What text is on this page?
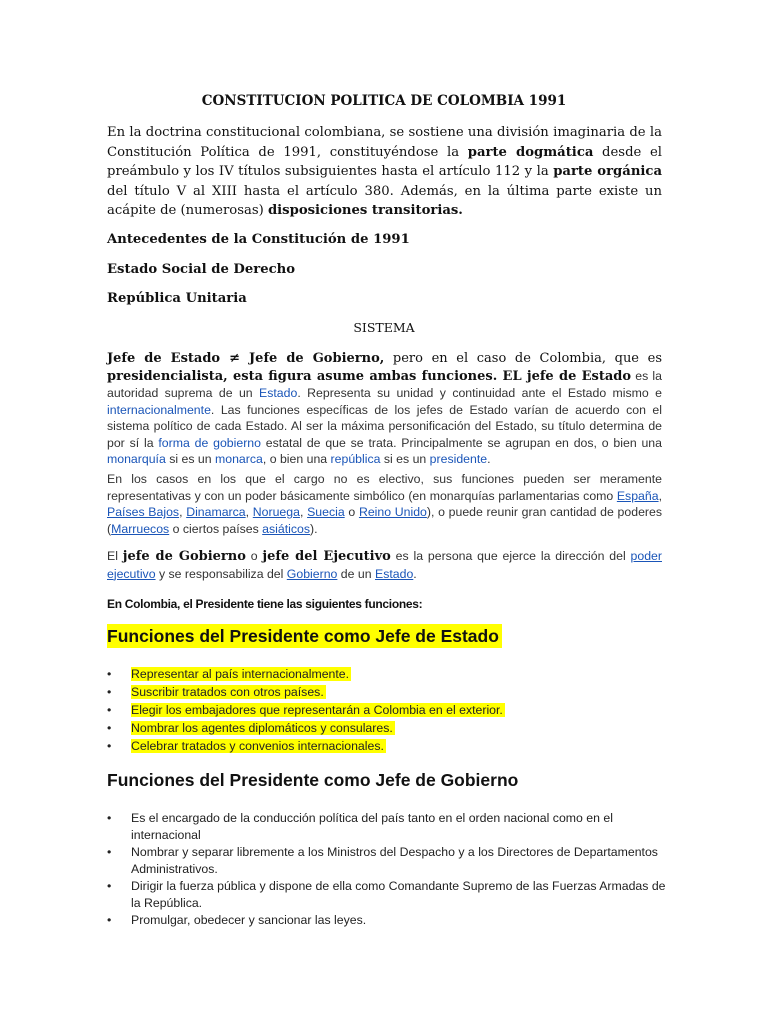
CONSTITUCION POLITICA DE COLOMBIA 1991
En la doctrina constitucional colombiana, se sostiene una división imaginaria de la Constitución Política de 1991, constituyéndose la parte dogmática desde el preámbulo y los IV títulos subsiguientes hasta el artículo 112 y la parte orgánica del título V al XIII hasta el artículo 380. Además, en la última parte existe un acápite de (numerosas) disposiciones transitorias.
Antecedentes de la Constitución de 1991
Estado Social de Derecho
República Unitaria
SISTEMA
Jefe de Estado ≠ Jefe de Gobierno, pero en el caso de Colombia, que es presidencialista, esta figura asume ambas funciones. EL jefe de Estado es la autoridad suprema de un Estado. Representa su unidad y continuidad ante el Estado mismo e internacionalmente. Las funciones específicas de los jefes de Estado varían de acuerdo con el sistema político de cada Estado. Al ser la máxima personificación del Estado, su título determina de por sí la forma de gobierno estatal de que se trata. Principalmente se agrupan en dos, o bien una monarquía si es un monarca, o bien una república si es un presidente.
En los casos en los que el cargo no es electivo, sus funciones pueden ser meramente representativas y con un poder básicamente simbólico (en monarquías parlamentarias como España, Países Bajos, Dinamarca, Noruega, Suecia o Reino Unido), o puede reunir gran cantidad de poderes (Marruecos o ciertos países asiáticos).
El jefe de Gobierno o jefe del Ejecutivo es la persona que ejerce la dirección del poder ejecutivo y se responsabiliza del Gobierno de un Estado.
En Colombia, el Presidente tiene las siguientes funciones:
Funciones del Presidente como Jefe de Estado
• Representar al país internacionalmente.
• Suscribir tratados con otros países.
• Elegir los embajadores que representarán a Colombia en el exterior.
• Nombrar los agentes diplomáticos y consulares.
• Celebrar tratados y convenios internacionales.
Funciones del Presidente como Jefe de Gobierno
• Es el encargado de la conducción política del país tanto en el orden nacional como en el internacional
• Nombrar y separar libremente a los Ministros del Despacho y a los Directores de Departamentos Administrativos.
• Dirigir la fuerza pública y dispone de ella como Comandante Supremo de las Fuerzas Armadas de la República.
• Promulgar, obedecer y sancionar las leyes.
